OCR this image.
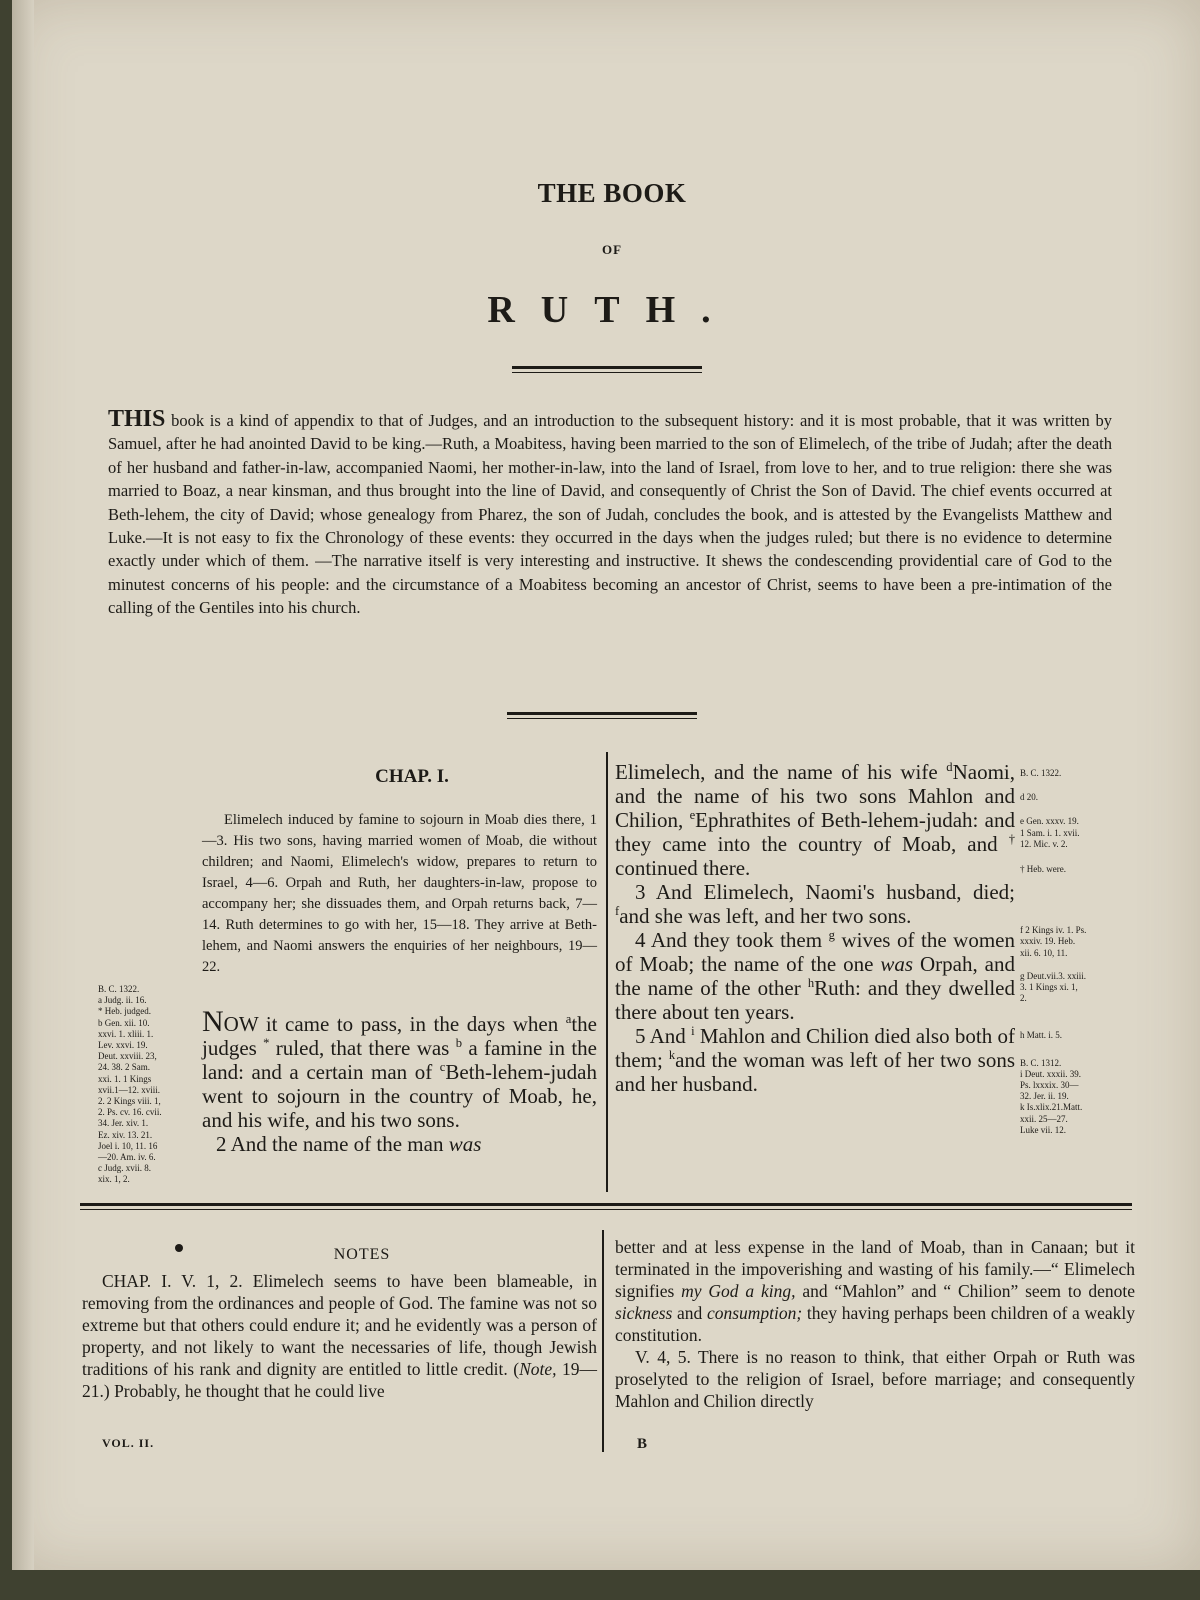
THE BOOK
OF
RUTH.
THIS book is a kind of appendix to that of Judges, and an introduction to the subsequent history: and it is most probable, that it was written by Samuel, after he had anointed David to be king.—Ruth, a Moabitess, having been married to the son of Elimelech, of the tribe of Judah; after the death of her husband and father-in-law, accompanied Naomi, her mother-in-law, into the land of Israel, from love to her, and to true religion: there she was married to Boaz, a near kinsman, and thus brought into the line of David, and consequently of Christ the Son of David. The chief events occurred at Beth-lehem, the city of David; whose genealogy from Pharez, the son of Judah, concludes the book, and is attested by the Evangelists Matthew and Luke.—It is not easy to fix the Chronology of these events: they occurred in the days when the judges ruled; but there is no evidence to determine exactly under which of them. —The narrative itself is very interesting and instructive. It shews the condescending providential care of God to the minutest concerns of his people: and the circumstance of a Moabitess becoming an ancestor of Christ, seems to have been a pre-intimation of the calling of the Gentiles into his church.
CHAP. I.
Elimelech induced by famine to sojourn in Moab dies there, 1—3. His two sons, having married women of Moab, die without children; and Naomi, Elimelech's widow, prepares to return to Israel, 4—6. Orpah and Ruth, her daughters-in-law, propose to accompany her; she dissuades them, and Orpah returns back, 7—14. Ruth determines to go with her, 15—18. They arrive at Beth-lehem, and Naomi answers the enquiries of her neighbours, 19—22.
B. C. 1322.
a Judg. ii. 16.
* Heb. judged.
b Gen. xii. 10.
xxvi. 1. xliii. 1.
Lev. xxvi. 19.
Deut. xxviii. 23,
24. 38. 2 Sam.
xxi. 1. 1 Kings
xvii.1—12. xviii.
2. 2 Kings viii. 1,
2. Ps. cv. 16. cvii.
34. Jer. xiv. 1.
Ez. xiv. 13. 21.
Joel i. 10, 11. 16
—20. Am. iv. 6.
c Judg. xvii. 8.
xix. 1, 2.

NOW it came to pass, in the days when $^a$the judges * ruled, that there was $^b$ a famine in the land: and a certain man of $^c$Beth-lehem-judah went to sojourn in the country of Moab, he, and his wife, and his two sons.

2 And the name of the man was

Elimelech, and the name of his wife $^d$Naomi, and the name of his two sons Mahlon and Chilion, $^e$Ephrathites of Beth-lehem-judah: and they came into the country of Moab, and † continued there.

3 And Elimelech, Naomi's husband, died; $^f$and she was left, and her two sons.

4 And they took them $^g$ wives of the women of Moab; the name of the one was Orpah, and the name of the other $^h$Ruth: and they dwelled there about ten years.

5 And $^i$ Mahlon and Chilion died also both of them; $^k$and the woman was left of her two sons and her husband.

B. C. 1322.
d 20.
e Gen. xxxv. 19.
1 Sam. i. 1. xvii.
12. Mic. v. 2.
† Heb. were.
f 2 Kings iv. 1. Ps.
xxxiv. 19. Heb.
xii. 6. 10, 11.
g Deut.vii.3. xxiii.
3. 1 Kings xi. 1,
2.
h Matt. i. 5.
B. C. 1312.
i Deut. xxxii. 39.
Ps. lxxxix. 30—
32. Jer. ii. 19.
k Is.xlix.21.Matt.
xxii. 25—27.
Luke vii. 12.
NOTES

CHAP. I. V. 1, 2. Elimelech seems to have been blameable, in removing from the ordinances and people of God. The famine was not so extreme but that others could endure it; and he evidently was a person of property, and not likely to want the necessaries of life, though Jewish traditions of his rank and dignity are entitled to little credit. (Note, 19—21.) Probably, he thought that he could live

better and at less expense in the land of Moab, than in Canaan; but it terminated in the impoverishing and wasting of his family.—“ Elimelech signifies my God a king, and “Mahlon” and “ Chilion” seem to denote sickness and consumption; they having perhaps been children of a weakly constitution.

V. 4, 5. There is no reason to think, that either Orpah or Ruth was proselyted to the religion of Israel, before marriage; and consequently Mahlon and Chilion directly

VOL. II.	B
